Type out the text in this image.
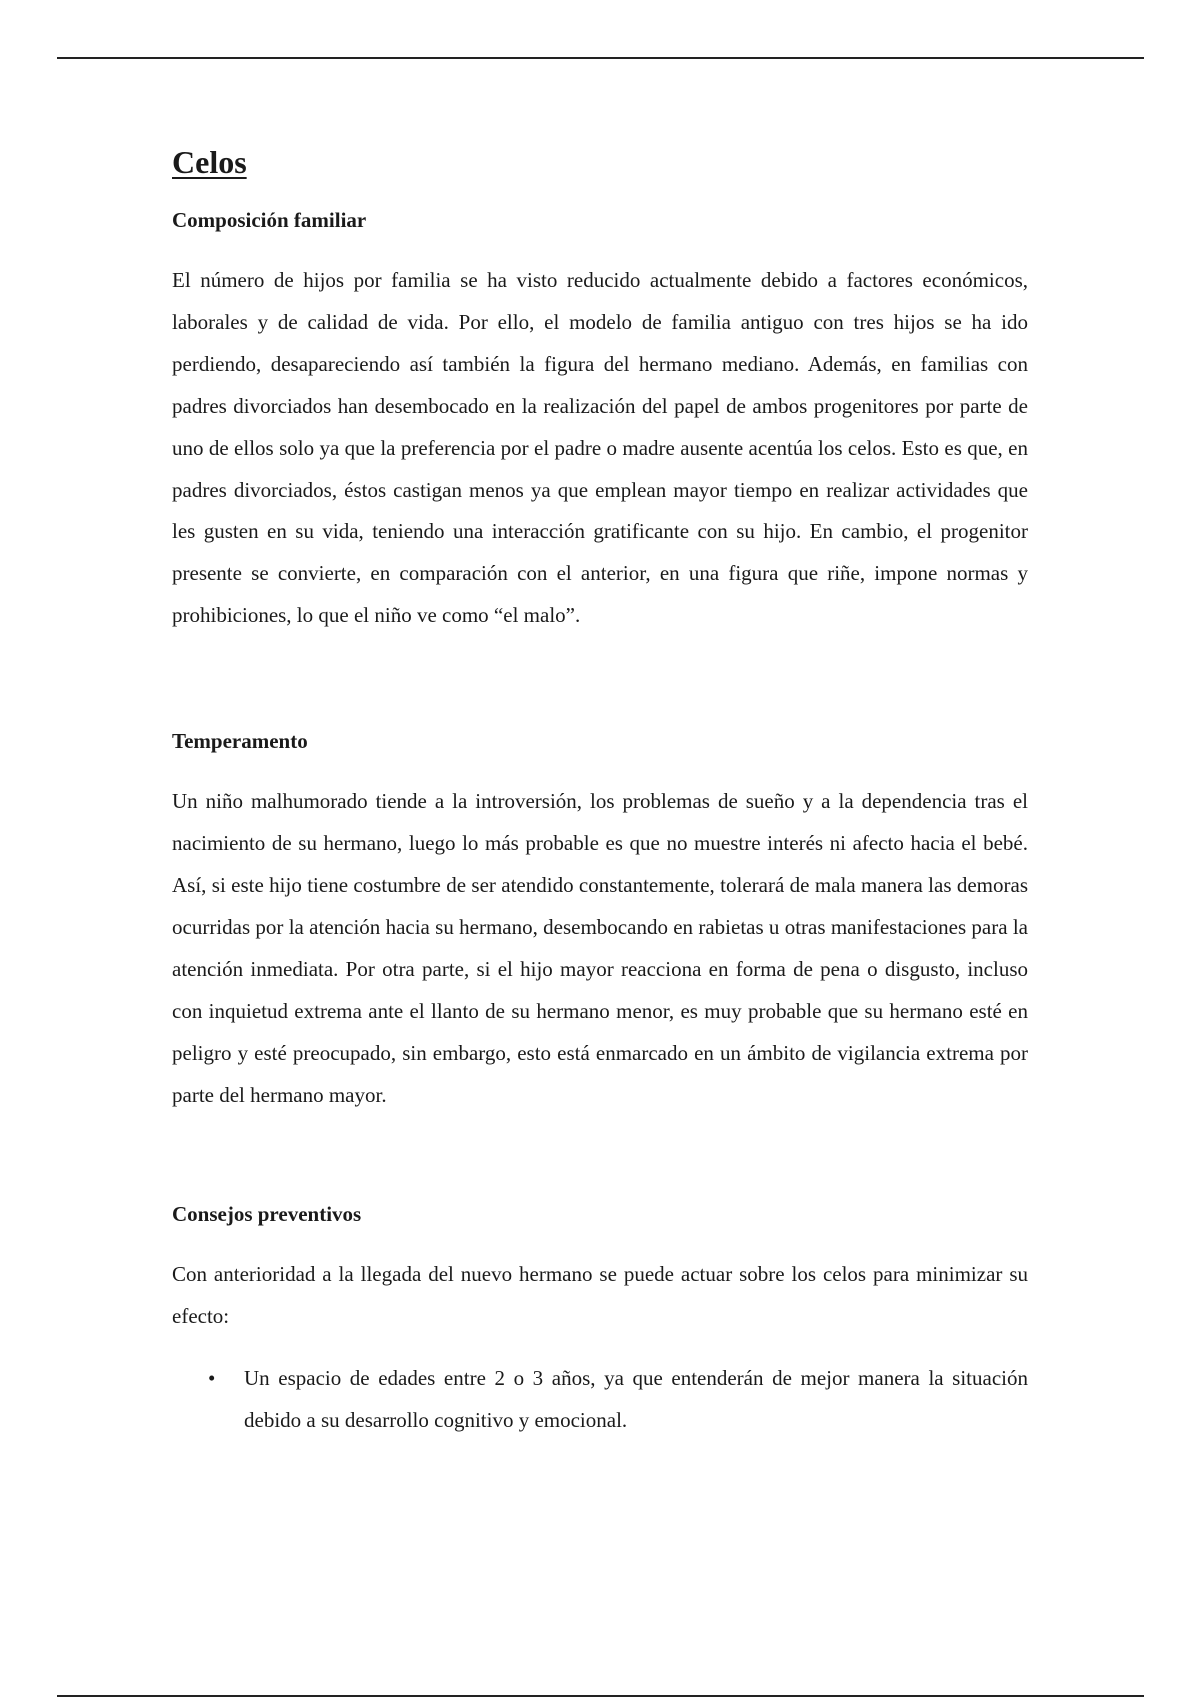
Celos
Composición familiar

El número de hijos por familia se ha visto reducido actualmente debido a factores económicos, laborales y de calidad de vida. Por ello, el modelo de familia antiguo con tres hijos se ha ido perdiendo, desapareciendo así también la figura del hermano mediano. Además, en familias con padres divorciados han desembocado en la realización del papel de ambos progenitores por parte de uno de ellos solo ya que la preferencia por el padre o madre ausente acentúa los celos. Esto es que, en padres divorciados, éstos castigan menos ya que emplean mayor tiempo en realizar actividades que les gusten en su vida, teniendo una interacción gratificante con su hijo. En cambio, el progenitor presente se convierte, en comparación con el anterior, en una figura que riñe, impone normas y prohibiciones, lo que el niño ve como “el malo”.

Temperamento

Un niño malhumorado tiende a la introversión, los problemas de sueño y a la dependencia tras el nacimiento de su hermano, luego lo más probable es que no muestre interés ni afecto hacia el bebé. Así, si este hijo tiene costumbre de ser atendido constantemente, tolerará de mala manera las demoras ocurridas por la atención hacia su hermano, desembocando en rabietas u otras manifestaciones para la atención inmediata. Por otra parte, si el hijo mayor reacciona en forma de pena o disgusto, incluso con inquietud extrema ante el llanto de su hermano menor, es muy probable que su hermano esté en peligro y esté preocupado, sin embargo, esto está enmarcado en un ámbito de vigilancia extrema por parte del hermano mayor.

Consejos preventivos

Con anterioridad a la llegada del nuevo hermano se puede actuar sobre los celos para minimizar su efecto:

• Un espacio de edades entre 2 o 3 años, ya que entenderán de mejor manera la situación debido a su desarrollo cognitivo y emocional.
